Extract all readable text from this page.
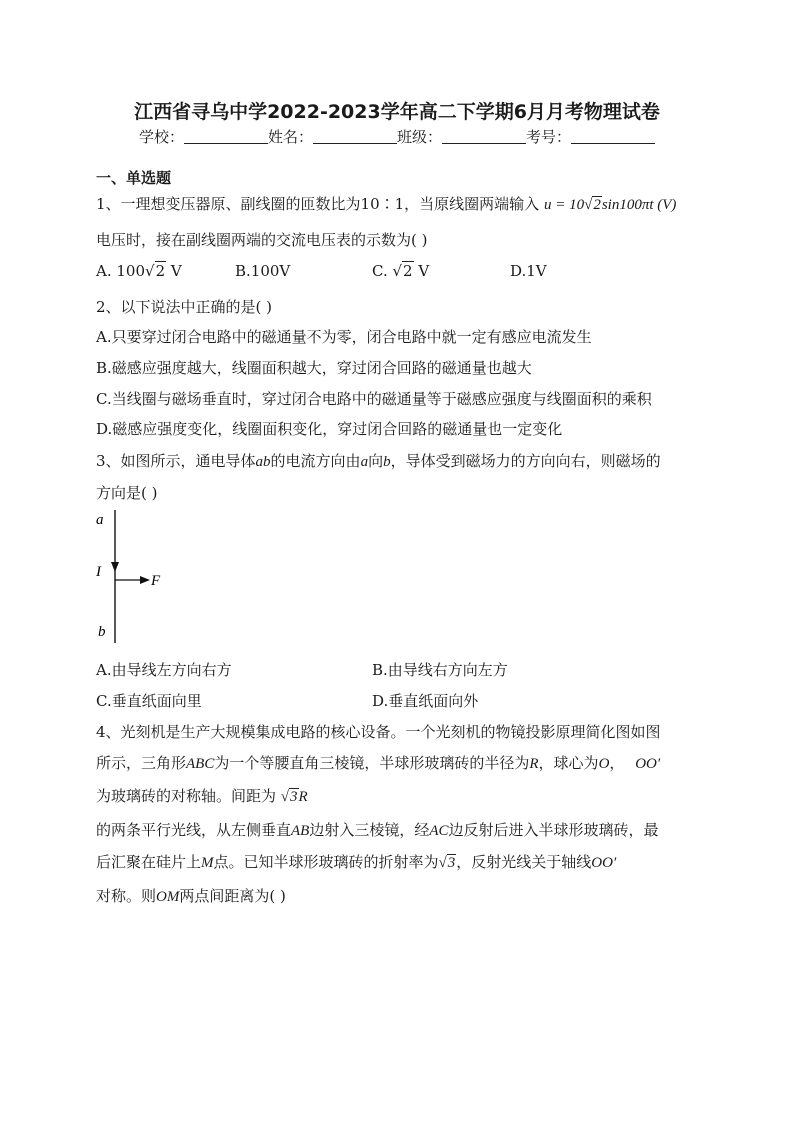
江西省寻乌中学2022-2023学年高二下学期6月月考物理试卷
学校：	姓名：	班级：	考号：
一、单选题
1、一理想变压器原、副线圈的匝数比为10∶1，当原线圈两端输入 u = 10√2sin100πt (V)
电压时，接在副线圈两端的交流电压表的示数为( )
A. 100√2 V	B.100V	C. √2 V	D.1V
2、以下说法中正确的是( )
A.只要穿过闭合电路中的磁通量不为零，闭合电路中就一定有感应电流发生
B.磁感应强度越大，线圈面积越大，穿过闭合回路的磁通量也越大
C.当线圈与磁场垂直时，穿过闭合电路中的磁通量等于磁感应强度与线圈面积的乘积
D.磁感应强度变化，线圈面积变化，穿过闭合回路的磁通量也一定变化
3、如图所示，通电导体ab的电流方向由a向b，导体受到磁场力的方向向右，则磁场的
方向是( )
a
I
F
b
A.由导线左方向右方	B.由导线右方向左方
C.垂直纸面向里	D.垂直纸面向外
4、光刻机是生产大规模集成电路的核心设备。一个光刻机的物镜投影原理简化图如图
所示，三角形ABC为一个等腰直角三棱镜，半球形玻璃砖的半径为R，球心为O， OO′
为玻璃砖的对称轴。间距为 √3R
的两条平行光线，从左侧垂直AB边射入三棱镜，经AC边反射后进入半球形玻璃砖，最
后汇聚在硅片上M点。已知半球形玻璃砖的折射率为√3，反射光线关于轴线OO′
对称。则OM两点间距离为( )
